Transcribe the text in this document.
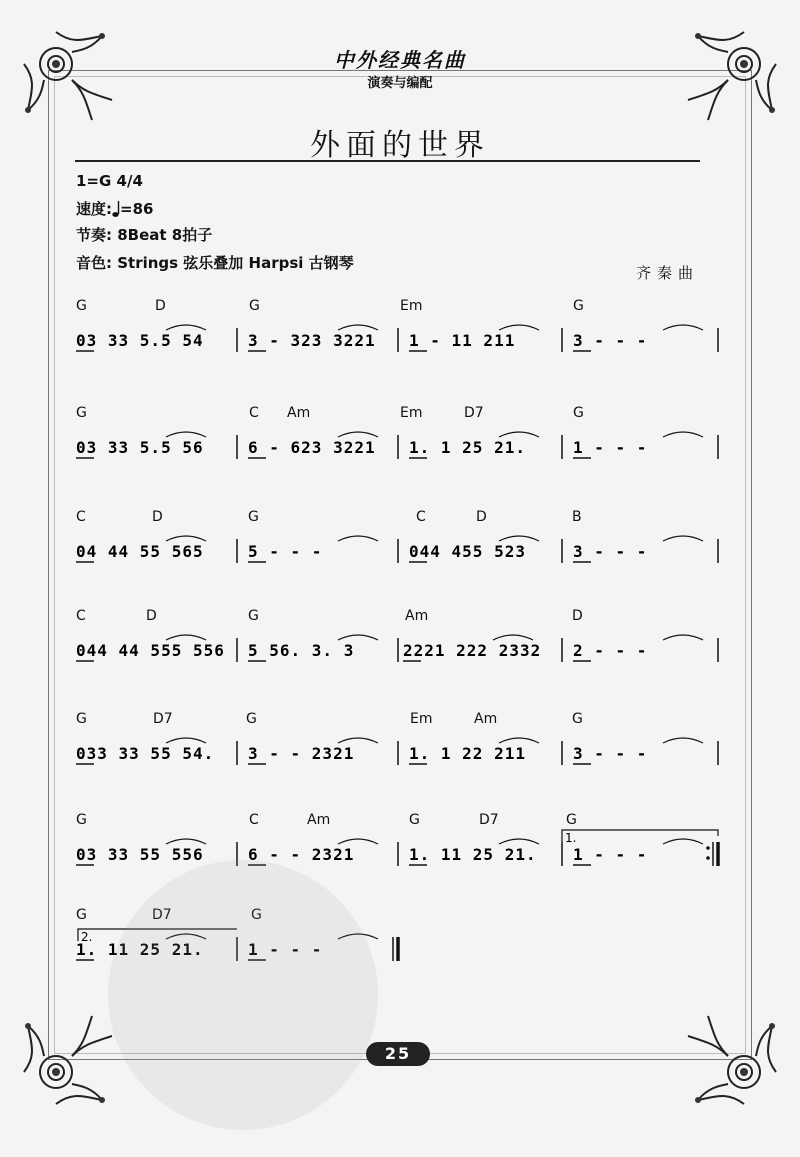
中外经典名曲
演奏与编配
外面的世界
1=G 4/4
速度: =86
节奏: 8Beat 8拍子
音色: Strings 弦乐叠加 Harpsi 古钢琴
齐秦曲
G	D	G	Em	G
03 33 5.5 54	3 - 323 3221 1 - 11 211	3 - - -
G	C Am	Em	D7	G
03 33 5.5 56	6 - 623 3221 1. 1 25 21.	1 - - -
C	D	G	C	D	B
04 44 55 565	5 - - -	044 455 523	3 - - -
C	D	G	Am	D
044 44 555 556 5 56. 3. 3	2221 222 2332 2 - - -
G	D7	G	Em	Am	G
033 33 55 54. 3 - - 2321	1. 1 22 211	3 - - -
G	C	Am	G	D7	G
03 33 55 556	6 - - 2321	1. 11 25 21. 1 - - -
1.
G	D7	G
1. 11 25 21.	1 - - -
2.
25
